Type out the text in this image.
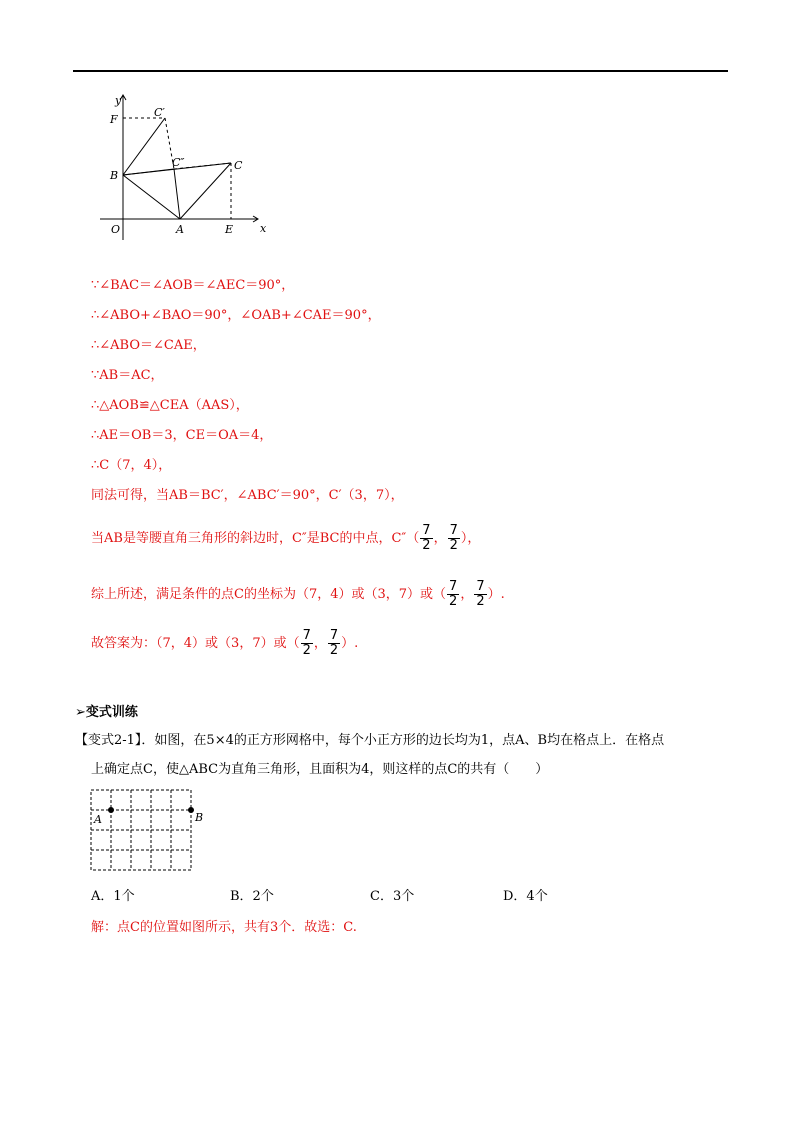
y
x
F
C′
C″	C
B
O	A	E
∵∠BAC＝∠AOB＝∠AEC＝90°，
∴∠ABO+∠BAO＝90°，∠OAB+∠CAE＝90°，
∴∠ABO＝∠CAE，
∵AB＝AC，
∴△AOB≌△CEA（AAS），
∴AE＝OB＝3，CE＝OA＝4，
∴C（7，4），
同法可得，当AB＝BC′，∠ABC′＝90°，C′（3，7），
当AB是等腰直角三角形的斜边时，C″是BC的中点，$C''( \frac{7}{2}$ ， $\frac{7}{2}$ ），
综上所述，满足条件的点C的坐标为（7，4）或（3，7）或（ $\frac{7}{2}$ ， $\frac{7}{2}$ ）.
故答案为：（7，4）或（3，7）或（ $\frac{7}{2}$ ， $\frac{7}{2}$ ）.
➢变式训练
【变式2-1】．如图，在5×4的正方形网格中，每个小正方形的边长均为1，点A、B均在格点上．在格点
上确定点C，使△ABC为直角三角形，且面积为4，则这样的点C的共有（　　）
A	B
A．1个	B．2个	C．3个	D．4个
解：点C的位置如图所示，共有3个．故选：C.
